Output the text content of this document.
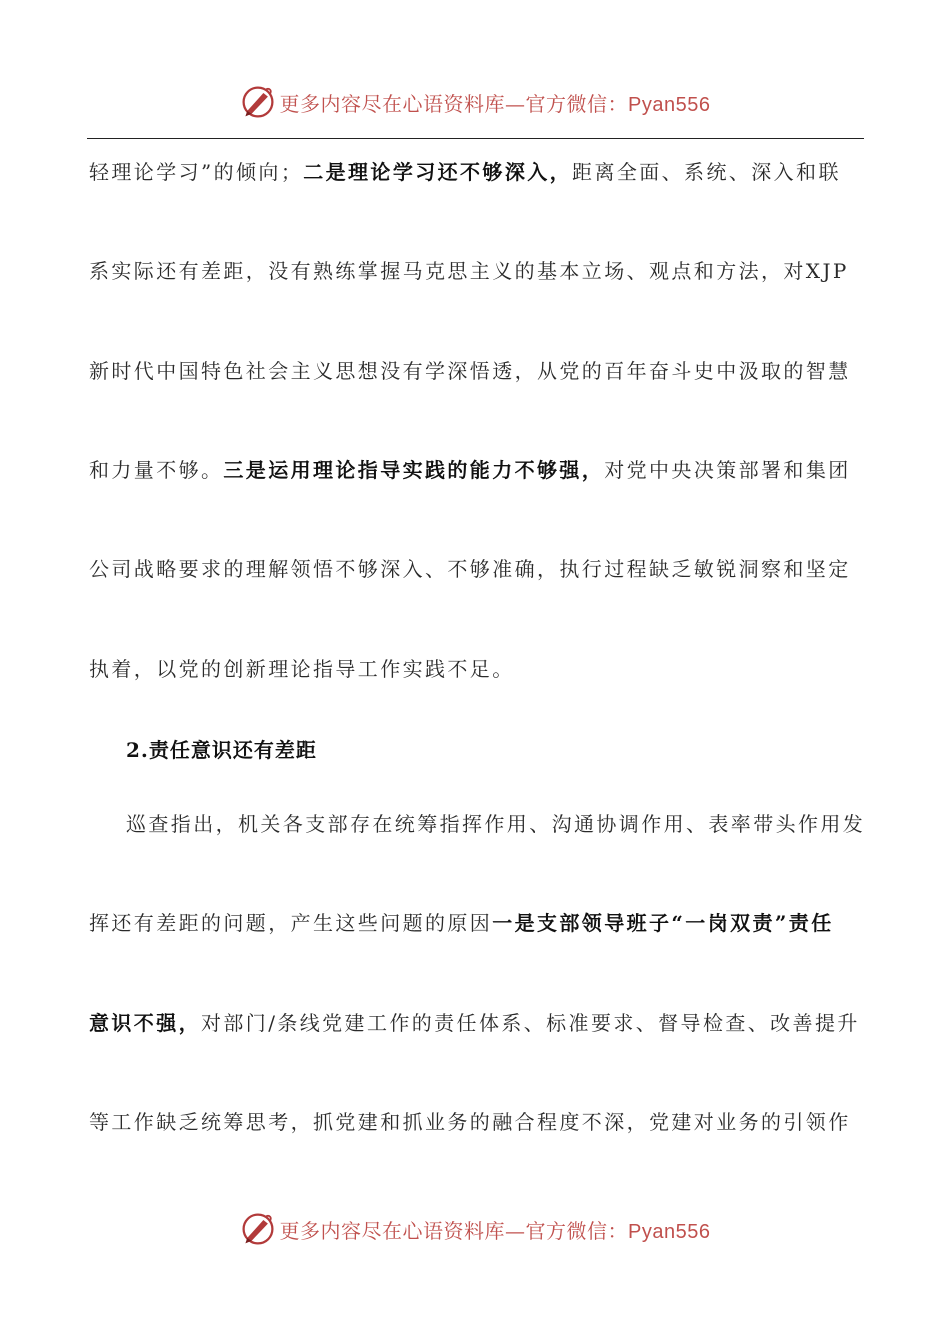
更多内容尽在心语资料库—官方微信：Pyan556
轻理论学习”的倾向；二是理论学习还不够深入，距离全面、系统、深入和联
系实际还有差距，没有熟练掌握马克思主义的基本立场、观点和方法，对XJP
新时代中国特色社会主义思想没有学深悟透，从党的百年奋斗史中汲取的智慧
和力量不够。三是运用理论指导实践的能力不够强，对党中央决策部署和集团
公司战略要求的理解领悟不够深入、不够准确，执行过程缺乏敏锐洞察和坚定
执着，以党的创新理论指导工作实践不足。
2.责任意识还有差距
巡查指出，机关各支部存在统筹指挥作用、沟通协调作用、表率带头作用发
挥还有差距的问题，产生这些问题的原因一是支部领导班子“一岗双责”责任
意识不强，对部门/条线党建工作的责任体系、标准要求、督导检查、改善提升
等工作缺乏统筹思考，抓党建和抓业务的融合程度不深，党建对业务的引领作
更多内容尽在心语资料库—官方微信：Pyan556
